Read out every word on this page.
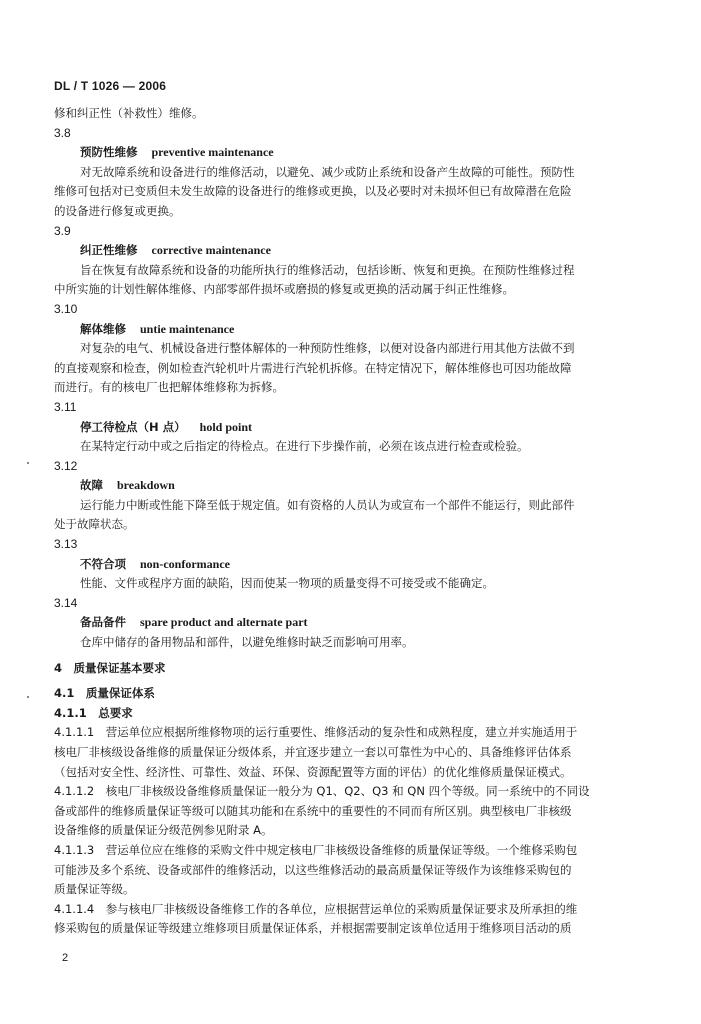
DL / T 1026 — 2006
修和纠正性（补救性）维修。
3.8
预防性维修 preventive maintenance
对无故障系统和设备进行的维修活动，以避免、减少或防止系统和设备产生故障的可能性。预防性
维修可包括对已变质但未发生故障的设备进行的维修或更换，以及必要时对未损坏但已有故障潜在危险
的设备进行修复或更换。
3.9
纠正性维修 corrective maintenance
旨在恢复有故障系统和设备的功能所执行的维修活动，包括诊断、恢复和更换。在预防性维修过程
中所实施的计划性解体维修、内部零部件损坏或磨损的修复或更换的活动属于纠正性维修。
3.10
解体维修 untie maintenance
对复杂的电气、机械设备进行整体解体的一种预防性维修，以便对设备内部进行用其他方法做不到
的直接观察和检查，例如检查汽轮机叶片需进行汽轮机拆修。在特定情况下，解体维修也可因功能故障
而进行。有的核电厂也把解体维修称为拆修。
3.11
停工待检点（H 点） hold point
在某特定行动中或之后指定的待检点。在进行下步操作前，必须在该点进行检查或检验。
3.12
故障 breakdown
运行能力中断或性能下降至低于规定值。如有资格的人员认为或宣布一个部件不能运行，则此部件
处于故障状态。
3.13
不符合项 non-conformance
性能、文件或程序方面的缺陷，因而使某一物项的质量变得不可接受或不能确定。
3.14
备品备件 spare product and alternate part
仓库中储存的备用物品和部件，以避免维修时缺乏而影响可用率。
4　质量保证基本要求
4.1　质量保证体系
4.1.1　总要求
4.1.1.1　营运单位应根据所维修物项的运行重要性、维修活动的复杂性和成熟程度，建立并实施适用于
核电厂非核级设备维修的质量保证分级体系，并宜逐步建立一套以可靠性为中心的、具备维修评估体系
（包括对安全性、经济性、可靠性、效益、环保、资源配置等方面的评估）的优化维修质量保证模式。
4.1.1.2　核电厂非核级设备维修质量保证一般分为 Q1、Q2、Q3 和 QN 四个等级。同一系统中的不同设
备或部件的维修质量保证等级可以随其功能和在系统中的重要性的不同而有所区别。典型核电厂非核级
设备维修的质量保证分级范例参见附录 A。
4.1.1.3　营运单位应在维修的采购文件中规定核电厂非核级设备维修的质量保证等级。一个维修采购包
可能涉及多个系统、设备或部件的维修活动，以这些维修活动的最高质量保证等级作为该维修采购包的
质量保证等级。
4.1.1.4　参与核电厂非核级设备维修工作的各单位，应根据营运单位的采购质量保证要求及所承担的维
修采购包的质量保证等级建立维修项目质量保证体系，并根据需要制定该单位适用于维修项目活动的质
2
